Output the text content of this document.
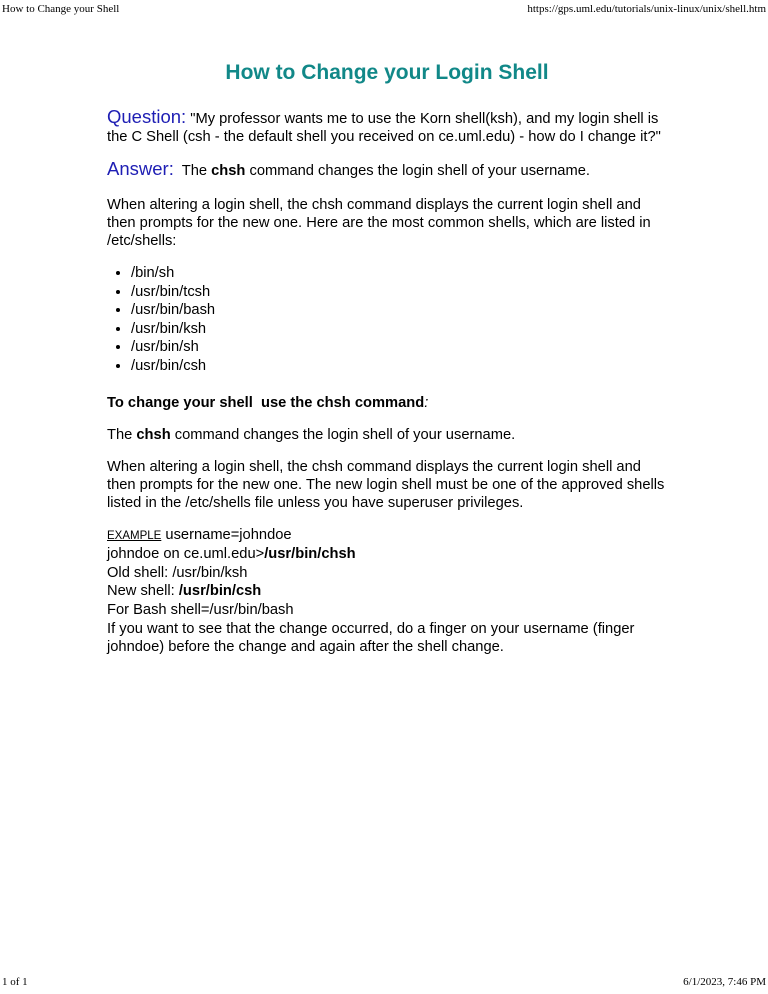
How to Change your Shell	https://gps.uml.edu/tutorials/unix-linux/unix/shell.htm
How to Change your Login Shell

Question: "My professor wants me to use the Korn shell(ksh), and my login shell is the C Shell (csh - the default shell you received on ce.uml.edu) - how do I change it?"

Answer:  The chsh command changes the login shell of your username.

When altering a login shell, the chsh command displays the current login shell and then prompts for the new one. Here are the most common shells, which are listed in /etc/shells:

• /bin/sh
• /usr/bin/tcsh
• /usr/bin/bash
• /usr/bin/ksh
• /usr/bin/sh
• /usr/bin/csh

To change your shell  use the chsh command:

The chsh command changes the login shell of your username.

When altering a login shell, the chsh command displays the current login shell and then prompts for the new one. The new login shell must be one of the approved shells listed in the /etc/shells file unless you have superuser privileges.

EXAMPLE username=johndoe
johndoe on ce.uml.edu>/usr/bin/chsh
Old shell: /usr/bin/ksh
New shell: /usr/bin/csh
For Bash shell=/usr/bin/bash
If you want to see that the change occurred, do a finger on your username (finger johndoe) before the change and again after the shell change.
1 of 1	6/1/2023, 7:46 PM
